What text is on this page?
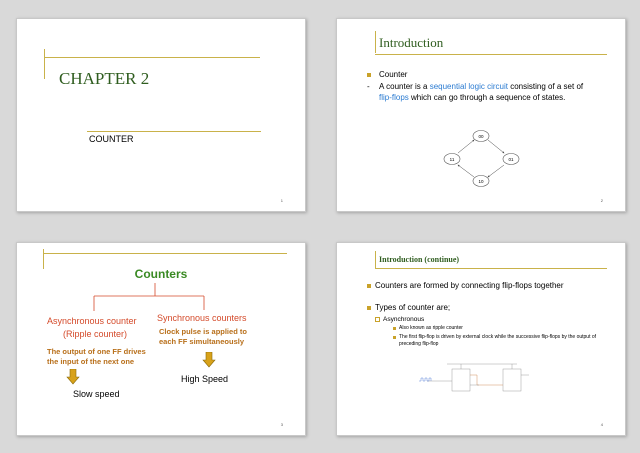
CHAPTER 2
COUNTER
1
Introduction
Counter
- A counter is a sequential logic circuit consisting of a set of flip-flops which can go through a sequence of states.
00
01
10
11
2
Counters
Asynchronous counter
(Ripple counter)
Synchronous counters
Clock pulse is applied to
each FF simultaneously
The output of one FF drives
the input of the next one
Slow speed
High Speed
3
Introduction (continue)
Counters are formed by connecting flip-flops together
Types of counter are;
Asynchronous
Also known as ripple counter
The first flip-flop is driven by external clock while the successive flip-flops by the output of preceding flip-flop
4
